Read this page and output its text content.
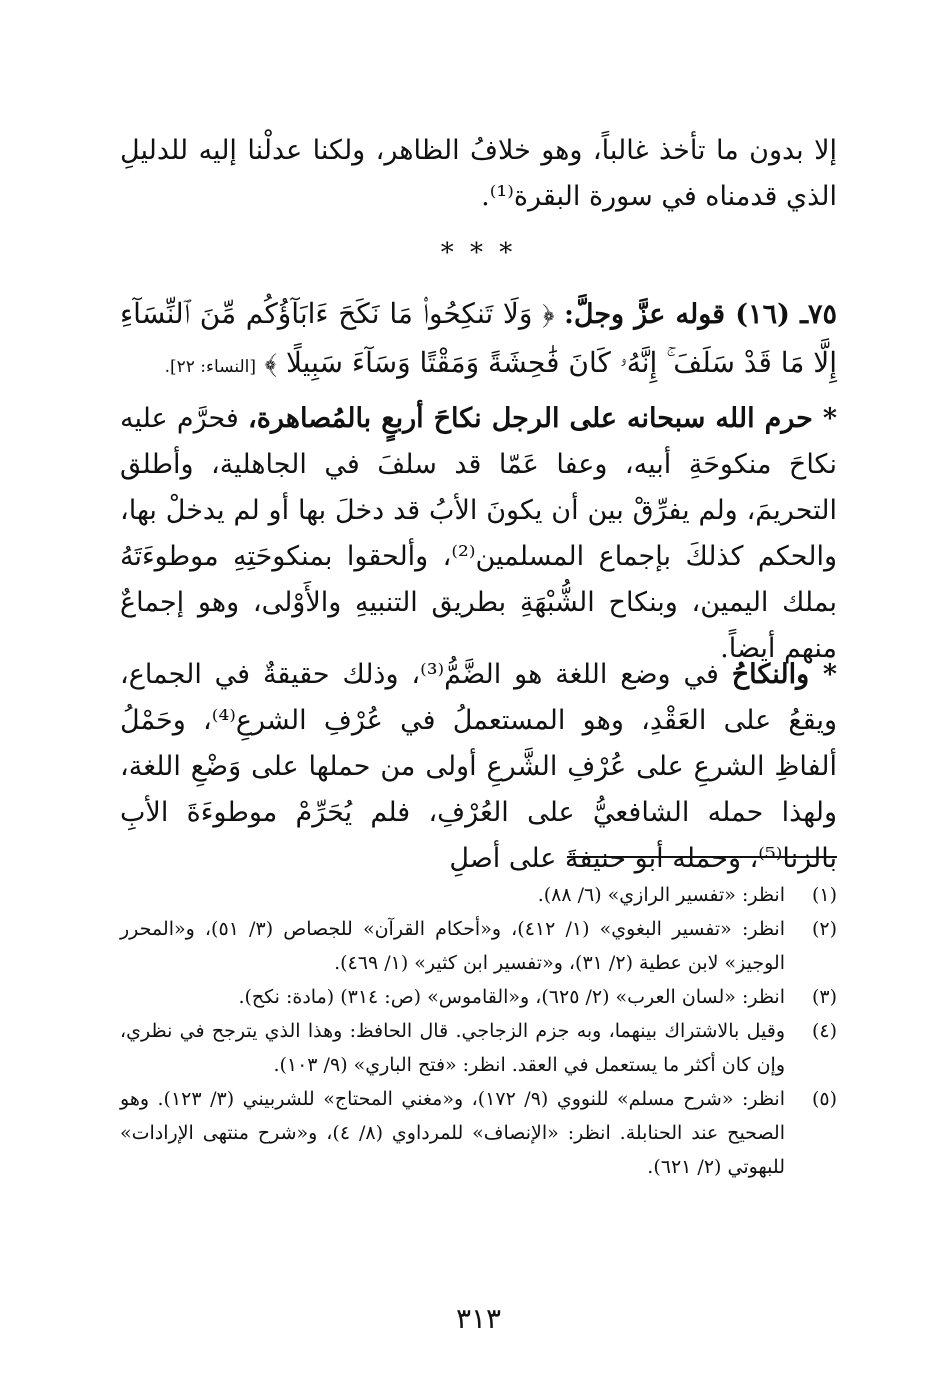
إلا بدون ما تأخذ غالباً، وهو خلافُ الظاهر، ولكنا عدلْنا إليه للدليلِ الذي قدمناه في سورة البقرة⁽¹⁾.

* * *

٧٥ـ (١٦) قوله عزَّ وجلَّ: ﴿ وَلَا تَنكِحُوا۟ مَا نَكَحَ ءَابَآؤُكُم مِّنَ ٱلنِّسَآءِ إِلَّا مَا قَدْ سَلَفَ ۚ إِنَّهُۥ كَانَ فَٰحِشَةً وَمَقْتًا وَسَآءَ سَبِيلًا ﴾ [النساء: ٢٢].

* حرم الله سبحانه على الرجل نكاحَ أربعٍ بالمُصاهرة، فحرَّم عليه نكاحَ منكوحَةِ أبيه، وعفا عَمّا قد سلفَ في الجاهلية، وأطلق التحريمَ، ولم يفرِّقْ بين أن يكونَ الأبُ قد دخلَ بها أو لم يدخلْ بها، والحكم كذلكَ بإجماع المسلمين⁽²⁾، وألحقوا بمنكوحَتِهِ موطوءَتَهُ بملك اليمين، وبنكاح الشُّبْهَةِ بطريق التنبيهِ والأَوْلى، وهو إجماعٌ منهم أيضاً.

* والنكاحُ في وضع اللغة هو الضَّمُّ⁽³⁾، وذلك حقيقةٌ في الجماع، ويقعُ على العَقْدِ، وهو المستعملُ في عُرْفِ الشرعِ⁽⁴⁾، وحَمْلُ ألفاظِ الشرعِ على عُرْفِ الشَّرعِ أولى من حملها على وَضْعِ اللغة، ولهذا حمله الشافعيُّ على العُرْفِ، فلم يُحَرِّمْ موطوءَةَ الأبِ بالزنا⁽⁵⁾، وحمله أبو حنيفةَ على أصلِ

(١)
انظر: «تفسير الرازي» (٦/ ٨٨).
(٢)
انظر: «تفسير البغوي» (١/ ٤١٢)، و«أحكام القرآن» للجصاص (٣/ ٥١)، و«المحرر الوجيز» لابن عطية (٢/ ٣١)، و«تفسير ابن كثير» (١/ ٤٦٩).
(٣)
انظر: «لسان العرب» (٢/ ٦٢٥)، و«القاموس» (ص: ٣١٤) (مادة: نكح).
(٤)
وقيل بالاشتراك بينهما، وبه جزم الزجاجي. قال الحافظ: وهذا الذي يترجح في نظري، وإن كان أكثر ما يستعمل في العقد. انظر: «فتح الباري» (٩/ ١٠٣).
(٥)
انظر: «شرح مسلم» للنووي (٩/ ١٧٢)، و«مغني المحتاج» للشربيني (٣/ ١٢٣). وهو الصحيح عند الحنابلة. انظر: «الإنصاف» للمرداوي (٨/ ٤)، و«شرح منتهى الإرادات» للبهوتي (٢/ ٦٢١).
٣١٣
